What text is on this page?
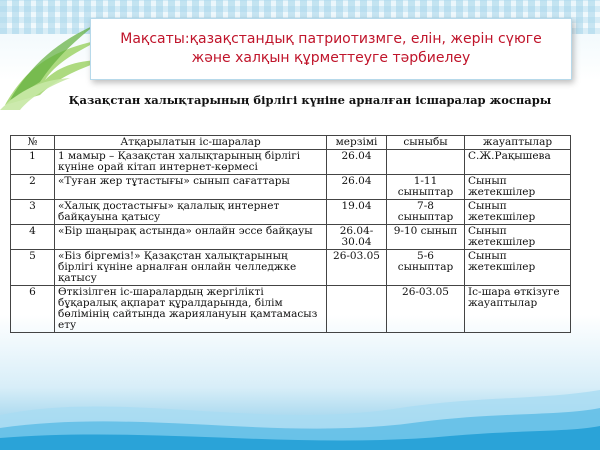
Мақсаты:қазақстандық патриотизмге, елін, жерін сүюге және халқын құрметтеуге тәрбиелеу
Қазақстан халықтарының бірлігі күніне арналған ісшаралар жоспары
№	Атқарылатын іс-шаралар	мерзімі	сыныбы	жауаптылар
1	1 мамыр – Қазақстан халықтарының бірлігі күніне орай кітап интернет-көрмесі	26.04		С.Ж.Рақышева
2	«Туған жер тұтастығы» сынып сағаттары	26.04	1-11 сыныптар	Сынып жетекшілер
3	«Халық достастығы» қалалық интернет байқауына қатысу	19.04	7-8 сыныптар	Сынып жетекшілер
4	«Бір шаңырақ астында» онлайн эссе байқауы	26.04-30.04	9-10 сынып	Сынып жетекшілер
5	«Біз біргеміз!» Қазақстан халықтарының бірлігі күніне арналған онлайн челледжке қатысу	26-03.05	5-6 сыныптар	Сынып жетекшілер
6	Өткізілген іс-шаралардың жергілікті бұқаралық ақпарат құралдарында, білім бөлімінің сайтында жариялануын қамтамасыз ету		26-03.05	Іс-шара өткізуге жауаптылар
